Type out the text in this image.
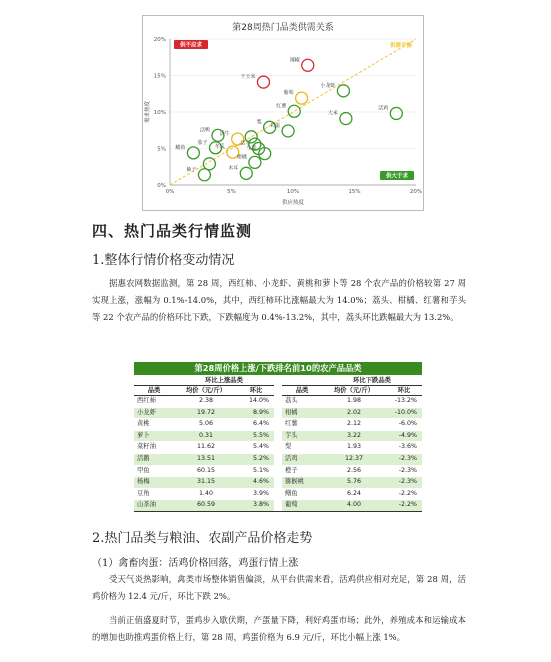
第28周热门品类供需关系
0%
0%
5%
5%
10%
10%
15%
15%
20%
20%
辣椒
干玉米
葡萄
小龙虾
活鸡
大米
红薯
梨
活鸭
活牛
鸡蛋
茄子
鳝鱼
活羊
生姜
冬瓜
柑橘
柚子	木耳
供不应求
供大于求
供需平衡
供应热度
需求热度
四、热门品类行情监测
1.整体行情价格变动情况
据惠农网数据监测，第 28 周，西红柿、小龙虾、黄桃和萝卜等 28 个农产品的价格较第 27 周实现上涨，涨幅为 0.1%-14.0%，其中，西红柿环比涨幅最大为 14.0%；荔头、柑橘、红薯和芋头等 22 个农产品的价格环比下跌，下跌幅度为 0.4%-13.2%，其中，荔头环比跌幅最大为 13.2%。
第28周价格上涨/下跌排名前10的农产品品类						
	环比上涨品类				环比下跌品类	
品类	均价（元/斤）	环比		品类	均价（元/斤）	环比
西红柿	2.38	14.0%		荔头	1.98	-13.2%
小龙虾	19.72	8.9%		柑橘	2.02	-10.0%
黄桃	5.06	6.4%		红薯	2.12	-6.0%
萝卜	0.31	5.5%		芋头	3.22	-4.9%
菜籽油	11.62	5.4%		梨	1.93	-3.6%
活鹅	13.51	5.2%		活鸡	12.37	-2.3%
甲鱼	60.15	5.1%		橙子	2.56	-2.3%
杨梅	31.15	4.6%		猕猴桃	5.76	-2.3%
豆角	1.40	3.9%		鳝鱼	6.24	-2.2%
山茶油	60.59	3.8%		葡萄	4.00	-2.2%
2.热门品类与粮油、农副产品价格走势
（1）禽畜肉蛋：活鸡价格回落，鸡蛋行情上涨
受天气炎热影响，禽类市场整体销售偏淡，从平台供需来看，活鸡供应相对充足，第 28 周，活鸡价格为 12.4 元/斤，环比下跌 2%。
当前正值盛夏时节，蛋鸡步入歇伏期，产蛋量下降，利好鸡蛋市场；此外，养殖成本和运输成本的增加也助推鸡蛋价格上行，第 28 周，鸡蛋价格为 6.9 元/斤，环比小幅上涨 1%。
